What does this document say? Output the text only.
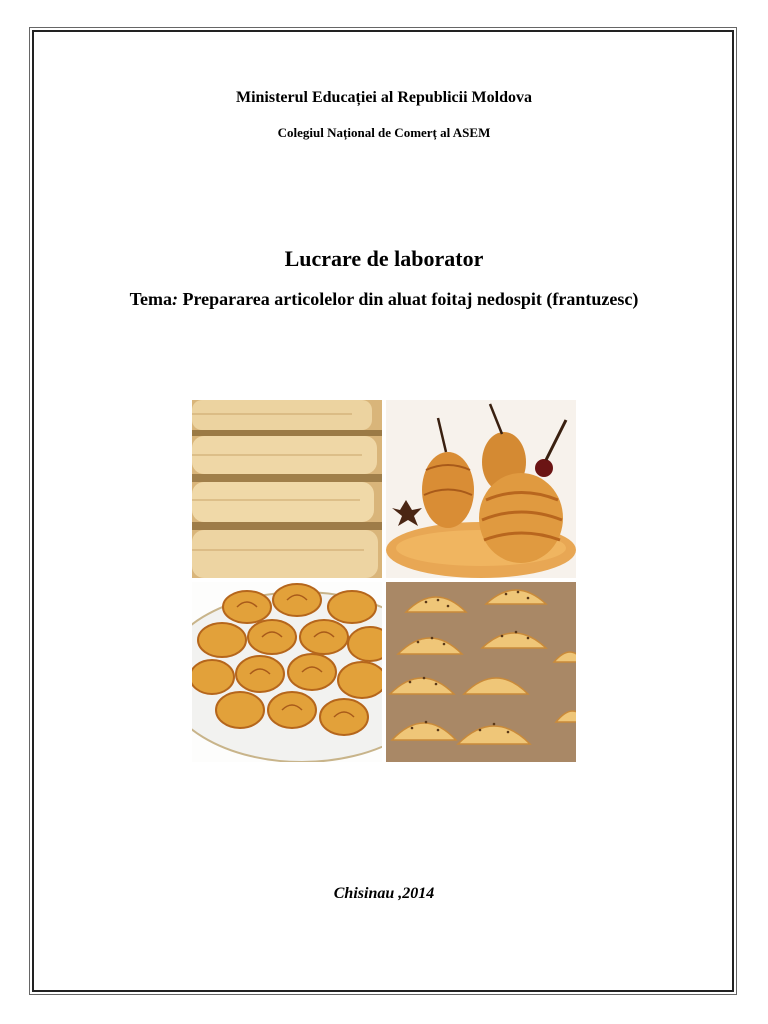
Ministerul Educației al Republicii Moldova
Colegiul Național de Comerț al ASEM
Lucrare de laborator
Tema: Prepararea articolelor din aluat foitaj nedospit (frantuzesc)
Chisinau ,2014
